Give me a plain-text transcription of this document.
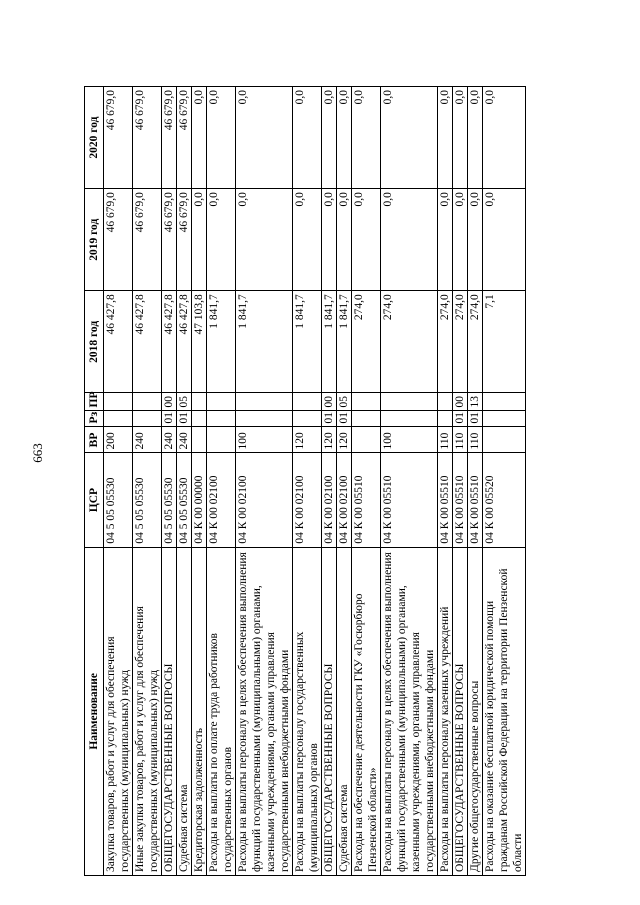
663
Наименование	ЦСР	ВР	Рз	ПР	2018 год	2019 год	2020 год
Закупка товаров, работ и услуг для обеспечения государственных (муниципальных) нужд	04 5 05 05530	200			46 427,8	46 679,0	46 679,0
Иные закупки товаров, работ и услуг для обеспечения государственных (муниципальных) нужд	04 5 05 05530	240			46 427,8	46 679,0	46 679,0
ОБЩЕГОСУДАРСТВЕННЫЕ ВОПРОСЫ	04 5 05 05530	240	01	00	46 427,8	46 679,0	46 679,0
Судебная система	04 5 05 05530	240	01	05	46 427,8	46 679,0	46 679,0
Кредиторская задолженность	04 К 00 00000				47 103,8	0,0	0,0
Расходы на выплаты по оплате труда работников государственных органов	04 К 00 02100				1 841,7	0,0	0,0
Расходы на выплаты персоналу в целях обеспечения выполнения функций государственными (муниципальными) органами, казенными учреждениями, органами управления государственными внебюджетными фондами	04 К 00 02100	100			1 841,7	0,0	0,0
Расходы на выплаты персоналу государственных (муниципальных) органов	04 К 00 02100	120			1 841,7	0,0	0,0
ОБЩЕГОСУДАРСТВЕННЫЕ ВОПРОСЫ	04 К 00 02100	120	01	00	1 841,7	0,0	0,0
Судебная система	04 К 00 02100	120	01	05	1 841,7	0,0	0,0
Расходы на обеспечение деятельности ГКУ «Госюрбюро Пензенской области»	04 К 00 05510				274,0	0,0	0,0
Расходы на выплаты персоналу в целях обеспечения выполнения функций государственными (муниципальными) органами, казенными учреждениями, органами управления государственными внебюджетными фондами	04 К 00 05510	100			274,0	0,0	0,0
Расходы на выплаты персоналу казенных учреждений	04 К 00 05510	110			274,0	0,0	0,0
ОБЩЕГОСУДАРСТВЕННЫЕ ВОПРОСЫ	04 К 00 05510	110	01	00	274,0	0,0	0,0
Другие общегосударственные вопросы	04 К 00 05510	110	01	13	274,0	0,0	0,0
Расходы на оказание бесплатной юридической помощи гражданам Российской Федерации на территории Пензенской области	04 К 00 05520				7,1	0,0	0,0
